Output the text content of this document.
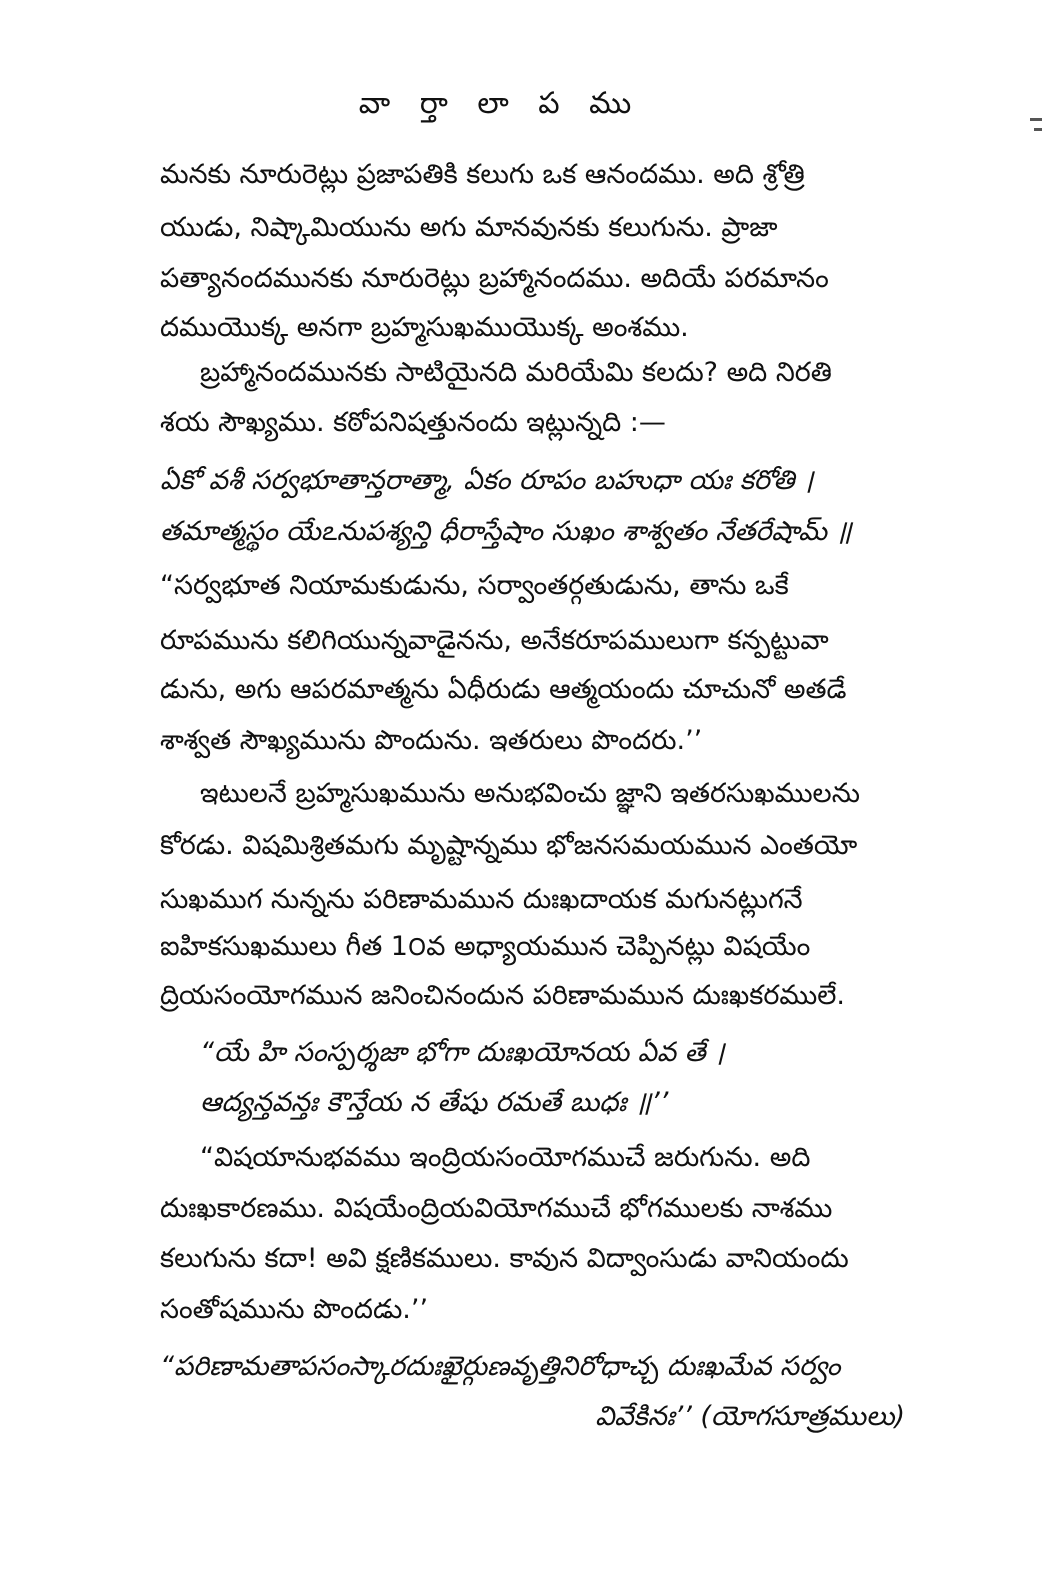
వా ర్తా లా ప ము
మనకు నూరురెట్లు ప్రజాపతికి కలుగు ఒక ఆనందము. అది శ్రోత్రి
యుడు, నిష్కామియును అగు మానవునకు కలుగును. ప్రాజా
పత్యానందమునకు నూరురెట్లు బ్రహ్మానందము. అదియే పరమానం
దముయొక్క అనగా బ్రహ్మసుఖముయొక్క అంశము.
బ్రహ్మానందమునకు సాటియైనది మరియేమి కలదు? అది నిరతి
శయ సౌఖ్యము. కఠోపనిషత్తునందు ఇట్లున్నది :—
ఏకో వశీ సర్వభూతాన్తరాత్మా, ఏకం రూపం బహుధా యః కరోతి ।
తమాత్మస్థం యేఽనుపశ్యన్తి ధీరాస్తేషాం సుఖం శాశ్వతం నేతరేషామ్ ॥
“సర్వభూత నియామకుడును, సర్వాంతర్గతుడును, తాను ఒకే
రూపమును కలిగియున్నవాడైనను, అనేకరూపములుగా కన్పట్టువా
డును, అగు ఆపరమాత్మను ఏధీరుడు ఆత్మయందు చూచునో అతడే
శాశ్వత సౌఖ్యమును పొందును. ఇతరులు పొందరు.’’
ఇటులనే బ్రహ్మసుఖమును అనుభవించు జ్ఞాని ఇతరసుఖములను
కోరడు. విషమిశ్రితమగు మృష్టాన్నము భోజనసమయమున ఎంతయో
సుఖముగ నున్నను పరిణామమున దుఃఖదాయక మగునట్లుగనే
ఐహికసుఖములు గీత 1౦వ అధ్యాయమున చెప్పినట్లు విషయేం
ద్రియసంయోగమున జనించినందున పరిణామమున దుఃఖకరములే.
“యే హి సంస్పర్శజా భోగా దుఃఖయోనయ ఏవ తే ।
ఆద్యన్తవన్తః కౌన్తేయ న తేషు రమతే బుధః ॥’’
“విషయానుభవము ఇంద్రియసంయోగముచే జరుగును. అది
దుఃఖకారణము. విషయేంద్రియవియోగముచే భోగములకు నాశము
కలుగును కదా! అవి క్షణికములు. కావున విద్వాంసుడు వానియందు
సంతోషమును పొందడు.’’
“పరిణామతాపసంస్కారదుఃఖైర్గుణవృత్తినిరోధాచ్చ దుఃఖమేవ సర్వం
వివేకినః’’ (యోగసూత్రములు)
